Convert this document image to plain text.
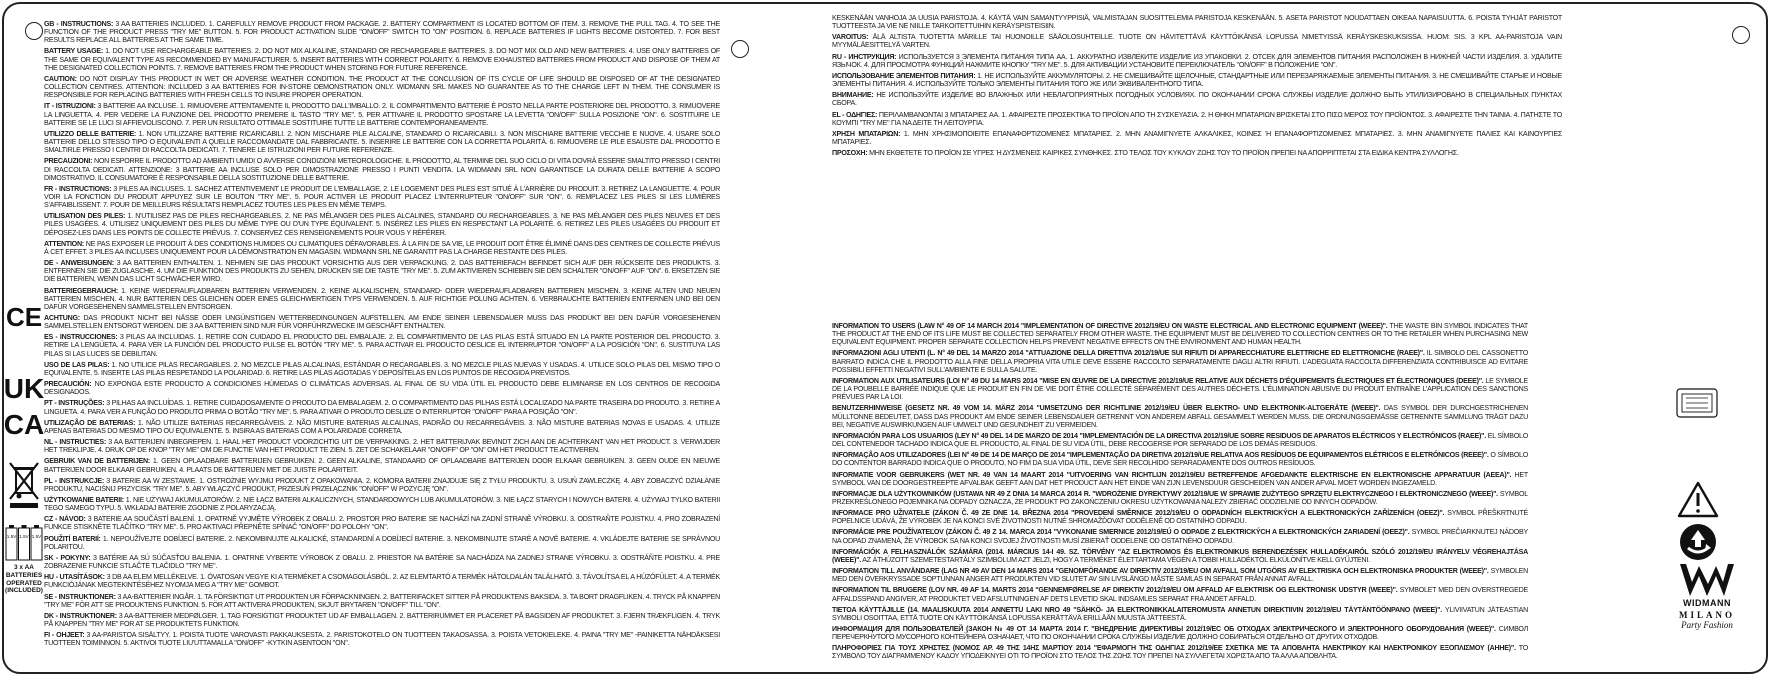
GB - INSTRUCTIONS: 3 AA BATTERIES INCLUDED. 1. CAREFULLY REMOVE PRODUCT FROM PACKAGE. 2. BATTERY COMPARTMENT IS LOCATED BOTTOM OF ITEM. 3. REMOVE THE PULL TAG. 4. TO SEE THE FUNCTION OF THE PRODUCT PRESS "TRY ME" BUTTON. 5. FOR PRODUCT ACTIVATION SLIDE "ON/OFF" SWITCH TO "ON" POSITION. 6. REPLACE BATTERIES IF LIGHTS BECOME DISTORTED. 7. FOR BEST RESULTS REPLACE ALL BATTERIES AT THE SAME TIME.

BATTERY USAGE: 1. DO NOT USE RECHARGEABLE BATTERIES. 2. DO NOT MIX ALKALINE, STANDARD OR RECHARGEABLE BATTERIES. 3. DO NOT MIX OLD AND NEW BATTERIES. 4. USE ONLY BATTERIES OF THE SAME OR EQUIVALENT TYPE AS RECOMMENDED BY MANUFACTURER. 5. INSERT BATTERIES WITH CORRECT POLARITY. 6. REMOVE EXHAUSTED BATTERIES FROM PRODUCT AND DISPOSE OF THEM AT THE DESIGNATED COLLECTION POINTS. 7. REMOVE BATTERIES FROM THE PRODUCT WHEN STORING FOR FUTURE REFERENCE.

CAUTION: DO NOT DISPLAY THIS PRODUCT IN WET OR ADVERSE WEATHER CONDITION. THE PRODUCT AT THE CONCLUSION OF ITS CYCLE OF LIFE SHOULD BE DISPOSED OF AT THE DESIGNATED COLLECTION CENTRES. ATTENTION: INCLUDED 3 AA BATTERIES FOR IN-STORE DEMONSTRATION ONLY. WIDMANN SRL MAKES NO GUARANTEE AS TO THE CHARGE LEFT IN THEM. THE CONSUMER IS RESPONSIBLE FOR REPLACING BATTERIES WITH FRESH CELLS TO INSURE PROPER OPERATION.

IT - ISTRUZIONI: 3 BATTERIE AA INCLUSE. 1. RIMUOVERE ATTENTAMENTE IL PRODOTTO DALL'IMBALLO. 2. IL COMPARTIMENTO BATTERIE È POSTO NELLA PARTE POSTERIORE DEL PRODOTTO. 3. RIMUOVERE LA LINGUETTA. 4. PER VEDERE LA FUNZIONE DEL PRODOTTO PREMERE IL TASTO "TRY ME". 5. PER ATTIVARE IL PRODOTTO SPOSTARE LA LEVETTA "ON/OFF" SULLA POSIZIONE "ON". 6. SOSTITUIRE LE BATTERIE SE LE LUCI SI AFFIEVOLISCONO. 7. PER UN RISULTATO OTTIMALE SOSTITUIRE TUTTE LE BATTERIE CONTEMPORANEAMENTE.

UTILIZZO DELLE BATTERIE: 1. NON UTILIZZARE BATTERIE RICARICABILI. 2. NON MISCHIARE PILE ALCALINE, STANDARD O RICARICABILI. 3. NON MISCHIARE BATTERIE VECCHIE E NUOVE. 4. USARE SOLO BATTERIE DELLO STESSO TIPO O EQUIVALENTI A QUELLE RACCOMANDATE DAL FABBRICANTE. 5. INSERIRE LE BATTERIE CON LA CORRETTA POLARITÀ. 6. RIMUOVERE LE PILE ESAUSTE DAL PRODOTTO E SMALTIRLE PRESSO I CENTRI DI RACCOLTA DEDICATI. 7. TENERE LE ISTRUZIONI PER FUTURE REFERENZE.

PRECAUZIONI: NON ESPORRE IL PRODOTTO AD AMBIENTI UMIDI O AVVERSE CONDIZIONI METEOROLOGICHE. IL PRODOTTO, AL TERMINE DEL SUO CICLO DI VITA DOVRÀ ESSERE SMALTITO PRESSO I CENTRI DI RACCOLTA DEDICATI. ATTENZIONE: 3 BATTERIE AA INCLUSE SOLO PER DIMOSTRAZIONE PRESSO I PUNTI VENDITA. LA WIDMANN SRL NON GARANTISCE LA DURATA DELLE BATTERIE A SCOPO DIMOSTRATIVO. IL CONSUMATORE È RESPONSABILE DELLA SOSTITUZIONE DELLE BATTERIE.

FR - INSTRUCTIONS: 3 PILES AA INCLUSES. 1. SACHEZ ATTENTIVEMENT LE PRODUIT DE L'EMBALLAGE. 2. LE LOGEMENT DES PILES EST SITUÉ À L'ARRIÈRE DU PRODUIT. 3. RETIREZ LA LANGUETTE. 4. POUR VOIR LA FONCTION DU PRODUIT APPUYEZ SUR LE BOUTON "TRY ME". 5. POUR ACTIVER LE PRODUIT PLACEZ L'INTERRUPTEUR "ON/OFF" SUR "ON". 6. REMPLACEZ LES PILES SI LES LUMIÈRES S'AFFAIBLISSENT. 7. POUR DE MEILLEURS RÉSULTATS REMPLACEZ TOUTES LES PILES EN MÊME TEMPS.

UTILISATION DES PILES: 1. N'UTILISEZ PAS DE PILES RECHARGEABLES. 2. NE PAS MÉLANGER DES PILES ALCALINES, STANDARD OU RECHARGEABLES. 3. NE PAS MÉLANGER DES PILES NEUVES ET DES PILES USAGÉES. 4. UTILISEZ UNIQUEMENT DES PILES DU MÊME TYPE OU D'UN TYPE ÉQUIVALENT. 5. INSÉREZ LES PILES EN RESPECTANT LA POLARITÉ. 6. RETIREZ LES PILES USAGÉES DU PRODUIT ET DÉPOSEZ-LES DANS LES POINTS DE COLLECTE PRÉVUS. 7. CONSERVEZ CES RENSEIGNEMENTS POUR VOUS Y RÉFÉRER.

ATTENTION: NE PAS EXPOSER LE PRODUIT À DES CONDITIONS HUMIDES OU CLIMATIQUES DÉFAVORABLES. À LA FIN DE SA VIE, LE PRODUIT DOIT ÊTRE ÉLIMINÉ DANS DES CENTRES DE COLLECTE PRÉVUS À CET EFFET. 3 PILES AA INCLUSES UNIQUEMENT POUR LA DÉMONSTRATION EN MAGASIN. WIDMANN SRL NE GARANTIT PAS LA CHARGE RESTANTE DES PILES.

DE - ANWEISUNGEN: 3 AA BATTERIEN ENTHALTEN. 1. NEHMEN SIE DAS PRODUKT VORSICHTIG AUS DER VERPACKUNG. 2. DAS BATTERIEFACH BEFINDET SICH AUF DER RÜCKSEITE DES PRODUKTS. 3. ENTFERNEN SIE DIE ZUGLASCHE. 4. UM DIE FUNKTION DES PRODUKTS ZU SEHEN, DRÜCKEN SIE DIE TASTE "TRY ME". 5. ZUM AKTIVIEREN SCHIEBEN SIE DEN SCHALTER "ON/OFF" AUF "ON". 6. ERSETZEN SIE DIE BATTERIEN, WENN DAS LICHT SCHWÄCHER WIRD.

BATTERIEGEBRAUCH: 1. KEINE WIEDERAUFLADBAREN BATTERIEN VERWENDEN. 2. KEINE ALKALISCHEN, STANDARD- ODER WIEDERAUFLADBAREN BATTERIEN MISCHEN. 3. KEINE ALTEN UND NEUEN BATTERIEN MISCHEN. 4. NUR BATTERIEN DES GLEICHEN ODER EINES GLEICHWERTIGEN TYPS VERWENDEN. 5. AUF RICHTIGE POLUNG ACHTEN. 6. VERBRAUCHTE BATTERIEN ENTFERNEN UND BEI DEN DAFÜR VORGESEHENEN SAMMELSTELLEN ENTSORGEN.

ACHTUNG: DAS PRODUKT NICHT BEI NÄSSE ODER UNGÜNSTIGEN WETTERBEDINGUNGEN AUFSTELLEN. AM ENDE SEINER LEBENSDAUER MUSS DAS PRODUKT BEI DEN DAFÜR VORGESEHENEN SAMMELSTELLEN ENTSORGT WERDEN. DIE 3 AA BATTERIEN SIND NUR FÜR VORFÜHRZWECKE IM GESCHÄFT ENTHALTEN.

ES - INSTRUCCIONES: 3 PILAS AA INCLUIDAS. 1. RETIRE CON CUIDADO EL PRODUCTO DEL EMBALAJE. 2. EL COMPARTIMENTO DE LAS PILAS ESTÁ SITUADO EN LA PARTE POSTERIOR DEL PRODUCTO. 3. RETIRE LA LENGÜETA. 4. PARA VER LA FUNCIÓN DEL PRODUCTO PULSE EL BOTÓN "TRY ME". 5. PARA ACTIVAR EL PRODUCTO DESLICE EL INTERRUPTOR "ON/OFF" A LA POSICIÓN "ON". 6. SUSTITUYA LAS PILAS SI LAS LUCES SE DEBILITAN.

USO DE LAS PILAS: 1. NO UTILICE PILAS RECARGABLES. 2. NO MEZCLE PILAS ALCALINAS, ESTÁNDAR O RECARGABLES. 3. NO MEZCLE PILAS NUEVAS Y USADAS. 4. UTILICE SOLO PILAS DEL MISMO TIPO O EQUIVALENTE. 5. INSERTE LAS PILAS RESPETANDO LA POLARIDAD. 6. RETIRE LAS PILAS AGOTADAS Y DEPOSÍTELAS EN LOS PUNTOS DE RECOGIDA PREVISTOS.

PRECAUCIÓN: NO EXPONGA ESTE PRODUCTO A CONDICIONES HÚMEDAS O CLIMÁTICAS ADVERSAS. AL FINAL DE SU VIDA ÚTIL EL PRODUCTO DEBE ELIMINARSE EN LOS CENTROS DE RECOGIDA DESIGNADOS.

PT - INSTRUÇÕES: 3 PILHAS AA INCLUÍDAS. 1. RETIRE CUIDADOSAMENTE O PRODUTO DA EMBALAGEM. 2. O COMPARTIMENTO DAS PILHAS ESTÁ LOCALIZADO NA PARTE TRASEIRA DO PRODUTO. 3. RETIRE A LINGUETA. 4. PARA VER A FUNÇÃO DO PRODUTO PRIMA O BOTÃO "TRY ME". 5. PARA ATIVAR O PRODUTO DESLIZE O INTERRUPTOR "ON/OFF" PARA A POSIÇÃO "ON".

UTILIZAÇÃO DE BATERIAS: 1. NÃO UTILIZE BATERIAS RECARREGÁVEIS. 2. NÃO MISTURE BATERIAS ALCALINAS, PADRÃO OU RECARREGÁVEIS. 3. NÃO MISTURE BATERIAS NOVAS E USADAS. 4. UTILIZE APENAS BATERIAS DO MESMO TIPO OU EQUIVALENTE. 5. INSIRA AS BATERIAS COM A POLARIDADE CORRETA.

NL - INSTRUCTIES: 3 AA BATTERIJEN INBEGREPEN. 1. HAAL HET PRODUCT VOORZICHTIG UIT DE VERPAKKING. 2. HET BATTERIJVAK BEVINDT ZICH AAN DE ACHTERKANT VAN HET PRODUCT. 3. VERWIJDER HET TREKLIPJE. 4. DRUK OP DE KNOP "TRY ME" OM DE FUNCTIE VAN HET PRODUCT TE ZIEN. 5. ZET DE SCHAKELAAR "ON/OFF" OP "ON" OM HET PRODUCT TE ACTIVEREN.

GEBRUIK VAN DE BATTERIJEN: 1. GEEN OPLAADBARE BATTERIJEN GEBRUIKEN. 2. GEEN ALKALINE, STANDAARD OF OPLAADBARE BATTERIJEN DOOR ELKAAR GEBRUIKEN. 3. GEEN OUDE EN NIEUWE BATTERIJEN DOOR ELKAAR GEBRUIKEN. 4. PLAATS DE BATTERIJEN MET DE JUISTE POLARITEIT.

PL - INSTRUKCJE: 3 BATERIE AA W ZESTAWIE. 1. OSTROŻNIE WYJMIJ PRODUKT Z OPAKOWANIA. 2. KOMORA BATERII ZNAJDUJE SIĘ Z TYŁU PRODUKTU. 3. USUŃ ZAWLECZKĘ. 4. ABY ZOBACZYĆ DZIAŁANIE PRODUKTU, NACIŚNIJ PRZYCISK "TRY ME". 5. ABY WŁĄCZYĆ PRODUKT, PRZESUŃ PRZEŁĄCZNIK "ON/OFF" W POZYCJĘ "ON".

UŻYTKOWANIE BATERII: 1. NIE UŻYWAJ AKUMULATORÓW. 2. NIE ŁĄCZ BATERII ALKALICZNYCH, STANDARDOWYCH LUB AKUMULATORÓW. 3. NIE ŁĄCZ STARYCH I NOWYCH BATERII. 4. UŻYWAJ TYLKO BATERII TEGO SAMEGO TYPU. 5. WKŁADAJ BATERIE ZGODNIE Z POLARYZACJĄ.

CZ - NÁVOD: 3 BATERIE AA SOUČÁSTÍ BALENÍ. 1. OPATRNĚ VYJMĚTE VÝROBEK Z OBALU. 2. PROSTOR PRO BATERIE SE NACHÁZÍ NA ZADNÍ STRANĚ VÝROBKU. 3. ODSTRAŇTE POJISTKU. 4. PRO ZOBRAZENÍ FUNKCE STISKNĚTE TLAČÍTKO "TRY ME". 5. PRO AKTIVACI PŘEPNĚTE SPÍNAČ "ON/OFF" DO POLOHY "ON".

POUŽITÍ BATERIÍ: 1. NEPOUŽÍVEJTE DOBÍJECÍ BATERIE. 2. NEKOMBINUJTE ALKALICKÉ, STANDARDNÍ A DOBÍJECÍ BATERIE. 3. NEKOMBINUJTE STARÉ A NOVÉ BATERIE. 4. VKLÁDEJTE BATERIE SE SPRÁVNOU POLARITOU.

SK - POKYNY: 3 BATÉRIE AA SÚ SÚČASŤOU BALENIA. 1. OPATRNE VYBERTE VÝROBOK Z OBALU. 2. PRIESTOR NA BATÉRIE SA NACHÁDZA NA ZADNEJ STRANE VÝROBKU. 3. ODSTRÁŇTE POISTKU. 4. PRE ZOBRAZENIE FUNKCIE STLAČTE TLAČIDLO "TRY ME".

HU - UTASÍTÁSOK: 3 DB AA ELEM MELLÉKELVE. 1. ÓVATOSAN VEGYE KI A TERMÉKET A CSOMAGOLÁSBÓL. 2. AZ ELEMTARTÓ A TERMÉK HÁTOLDALÁN TALÁLHATÓ. 3. TÁVOLÍTSA EL A HÚZÓFÜLET. 4. A TERMÉK FUNKCIÓJÁNAK MEGTEKINTÉSÉHEZ NYOMJA MEG A "TRY ME" GOMBOT.

SE - INSTRUKTIONER: 3 AA-BATTERIER INGÅR. 1. TA FÖRSIKTIGT UT PRODUKTEN UR FÖRPACKNINGEN. 2. BATTERIFACKET SITTER PÅ PRODUKTENS BAKSIDA. 3. TA BORT DRAGFLIKEN. 4. TRYCK PÅ KNAPPEN "TRY ME" FÖR ATT SE PRODUKTENS FUNKTION. 5. FÖR ATT AKTIVERA PRODUKTEN, SKJUT BRYTAREN "ON/OFF" TILL "ON".

DK - INSTRUKTIONER: 3 AA-BATTERIER MEDFØLGER. 1. TAG FORSIGTIGT PRODUKTET UD AF EMBALLAGEN. 2. BATTERIRUMMET ER PLACERET PÅ BAGSIDEN AF PRODUKTET. 3. FJERN TRÆKFLIGEN. 4. TRYK PÅ KNAPPEN "TRY ME" FOR AT SE PRODUKTETS FUNKTION.

FI - OHJEET: 3 AA-PARISTOA SISÄLTYY. 1. POISTA TUOTE VAROVASTI PAKKAUKSESTA. 2. PARISTOKOTELO ON TUOTTEEN TAKAOSASSA. 3. POISTA VETOKIELEKE. 4. PAINA "TRY ME" -PAINIKETTA NÄHDÄKSESI TUOTTEEN TOIMINNON. 5. AKTIVOI TUOTE LIU'UTTAMALLA "ON/OFF" -KYTKIN ASENTOON "ON".

KESKENÄÄN VANHOJA JA UUSIA PARISTOJA. 4. KÄYTÄ VAIN SAMANTYYPPISIÄ, VALMISTAJAN SUOSITTELEMIA PARISTOJA KESKENÄÄN. 5. ASETA PARISTOT NOUDATTAEN OIKEAA NAPAISUUTTA. 6. POISTA TYHJÄT PARISTOT TUOTTEESTA JA VIE NE NIILLE TARKOITETTUIHIN KERÄYSPISTEISIIN.

VAROITUS: ÄLÄ ALTISTA TUOTETTA MÄRILLE TAI HUONOILLE SÄÄOLOSUHTEILLE. TUOTE ON HÄVITETTÄVÄ KÄYTTÖIKÄNSÄ LOPUSSA NIMETYISSÄ KERÄYSKESKUKSISSA. HUOM: SIS. 3 KPL AA-PARISTOJA VAIN MYYMÄLÄESITTELYÄ VARTEN.

RU - ИНСТРУКЦИЯ: ИСПОЛЬЗУЕТСЯ 3 ЭЛЕМЕНТА ПИТАНИЯ ТИПА AA. 1. АККУРАТНО ИЗВЛЕКИТЕ ИЗДЕЛИЕ ИЗ УПАКОВКИ. 2. ОТСЕК ДЛЯ ЭЛЕМЕНТОВ ПИТАНИЯ РАСПОЛОЖЕН В НИЖНЕЙ ЧАСТИ ИЗДЕЛИЯ. 3. УДАЛИТЕ ЯЗЫЧОК. 4. ДЛЯ ПРОСМОТРА ФУНКЦИЙ НАЖМИТЕ КНОПКУ "TRY ME". 5. ДЛЯ АКТИВАЦИИ УСТАНОВИТЕ ПЕРЕКЛЮЧАТЕЛЬ "ON/OFF" В ПОЛОЖЕНИЕ "ON".

ИСПОЛЬЗОВАНИЕ ЭЛЕМЕНТОВ ПИТАНИЯ: 1. НЕ ИСПОЛЬЗУЙТЕ АККУМУЛЯТОРЫ. 2. НЕ СМЕШИВАЙТЕ ЩЕЛОЧНЫЕ, СТАНДАРТНЫЕ ИЛИ ПЕРЕЗАРЯЖАЕМЫЕ ЭЛЕМЕНТЫ ПИТАНИЯ. 3. НЕ СМЕШИВАЙТЕ СТАРЫЕ И НОВЫЕ ЭЛЕМЕНТЫ ПИТАНИЯ. 4. ИСПОЛЬЗУЙТЕ ТОЛЬКО ЭЛЕМЕНТЫ ПИТАНИЯ ТОГО ЖЕ ИЛИ ЭКВИВАЛЕНТНОГО ТИПА.

ВНИМАНИЕ: НЕ ИСПОЛЬЗУЙТЕ ИЗДЕЛИЕ ВО ВЛАЖНЫХ ИЛИ НЕБЛАГОПРИЯТНЫХ ПОГОДНЫХ УСЛОВИЯХ. ПО ОКОНЧАНИИ СРОКА СЛУЖБЫ ИЗДЕЛИЕ ДОЛЖНО БЫТЬ УТИЛИЗИРОВАНО В СПЕЦИАЛЬНЫХ ПУНКТАХ СБОРА.

EL - ΟΔΗΓΙΕΣ: ΠΕΡΙΛΑΜΒΑΝΟΝΤΑΙ 3 ΜΠΑΤΑΡΙΕΣ AA. 1. ΑΦΑΙΡΕΣΤΕ ΠΡΟΣΕΚΤΙΚΑ ΤΟ ΠΡΟΪΟΝ ΑΠΟ ΤΗ ΣΥΣΚΕΥΑΣΙΑ. 2. Η ΘΗΚΗ ΜΠΑΤΑΡΙΩΝ ΒΡΙΣΚΕΤΑΙ ΣΤΟ ΠΙΣΩ ΜΕΡΟΣ ΤΟΥ ΠΡΟΪΟΝΤΟΣ. 3. ΑΦΑΙΡΕΣΤΕ ΤΗΝ ΤΑΙΝΙΑ. 4. ΠΑΤΗΣΤΕ ΤΟ ΚΟΥΜΠΙ "TRY ME" ΓΙΑ ΝΑ ΔΕΙΤΕ ΤΗ ΛΕΙΤΟΥΡΓΙΑ.

ΧΡΗΣΗ ΜΠΑΤΑΡΙΩΝ: 1. ΜΗΝ ΧΡΗΣΙΜΟΠΟΙΕΙΤΕ ΕΠΑΝΑΦΟΡΤΙΖΟΜΕΝΕΣ ΜΠΑΤΑΡΙΕΣ. 2. ΜΗΝ ΑΝΑΜΙΓΝΥΕΤΕ ΑΛΚΑΛΙΚΕΣ, ΚΟΙΝΕΣ Ή ΕΠΑΝΑΦΟΡΤΙΖΟΜΕΝΕΣ ΜΠΑΤΑΡΙΕΣ. 3. ΜΗΝ ΑΝΑΜΙΓΝΥΕΤΕ ΠΑΛΙΕΣ ΚΑΙ ΚΑΙΝΟΥΡΓΙΕΣ ΜΠΑΤΑΡΙΕΣ.

ΠΡΟΣΟΧΗ: ΜΗΝ ΕΚΘΕΤΕΤΕ ΤΟ ΠΡΟΪΟΝ ΣΕ ΥΓΡΕΣ Ή ΔΥΣΜΕΝΕΙΣ ΚΑΙΡΙΚΕΣ ΣΥΝΘΗΚΕΣ. ΣΤΟ ΤΕΛΟΣ ΤΟΥ ΚΥΚΛΟΥ ΖΩΗΣ ΤΟΥ ΤΟ ΠΡΟΪΟΝ ΠΡΕΠΕΙ ΝΑ ΑΠΟΡΡΙΠΤΕΤΑΙ ΣΤΑ ΕΙΔΙΚΑ ΚΕΝΤΡΑ ΣΥΛΛΟΓΗΣ.

INFORMATION TO USERS (LAW N° 49 OF 14 MARCH 2014 "IMPLEMENTATION OF DIRECTIVE 2012/19/EU ON WASTE ELECTRICAL AND ELECTRONIC EQUIPMENT (WEEE)". THE WASTE BIN SYMBOL INDICATES THAT THE PRODUCT AT THE END OF ITS LIFE MUST BE COLLECTED SEPARATELY FROM OTHER WASTE. THE EQUIPMENT MUST BE DELIVERED TO COLLECTION CENTRES OR TO THE RETAILER WHEN PURCHASING NEW EQUIVALENT EQUIPMENT. PROPER SEPARATE COLLECTION HELPS PREVENT NEGATIVE EFFECTS ON THE ENVIRONMENT AND HUMAN HEALTH.

INFORMAZIONI AGLI UTENTI (L. N° 49 DEL 14 MARZO 2014 "ATTUAZIONE DELLA DIRETTIVA 2012/19/UE SUI RIFIUTI DI APPARECCHIATURE ELETTRICHE ED ELETTRONICHE (RAEE)". IL SIMBOLO DEL CASSONETTO BARRATO INDICA CHE IL PRODOTTO ALLA FINE DELLA PROPRIA VITA UTILE DEVE ESSERE RACCOLTO SEPARATAMENTE DAGLI ALTRI RIFIUTI. L'ADEGUATA RACCOLTA DIFFERENZIATA CONTRIBUISCE AD EVITARE POSSIBILI EFFETTI NEGATIVI SULL'AMBIENTE E SULLA SALUTE.

INFORMATION AUX UTILISATEURS (LOI N° 49 DU 14 MARS 2014 "MISE EN ŒUVRE DE LA DIRECTIVE 2012/19/UE RELATIVE AUX DÉCHETS D'ÉQUIPEMENTS ÉLECTRIQUES ET ÉLECTRONIQUES (DEEE)". LE SYMBOLE DE LA POUBELLE BARRÉE INDIQUE QUE LE PRODUIT EN FIN DE VIE DOIT ÊTRE COLLECTÉ SÉPARÉMENT DES AUTRES DÉCHETS. L'ÉLIMINATION ABUSIVE DU PRODUIT ENTRAÎNE L'APPLICATION DES SANCTIONS PRÉVUES PAR LA LOI.

BENUTZERHINWEISE (GESETZ NR. 49 VOM 14. MÄRZ 2014 "UMSETZUNG DER RICHTLINIE 2012/19/EU ÜBER ELEKTRO- UND ELEKTRONIK-ALTGERÄTE (WEEE)". DAS SYMBOL DER DURCHGESTRICHENEN MÜLLTONNE BEDEUTET, DASS DAS PRODUKT AM ENDE SEINER LEBENSDAUER GETRENNT VON ANDEREM ABFALL GESAMMELT WERDEN MUSS. DIE ORDNUNGSGEMÄSSE GETRENNTE SAMMLUNG TRÄGT DAZU BEI, NEGATIVE AUSWIRKUNGEN AUF UMWELT UND GESUNDHEIT ZU VERMEIDEN.

INFORMACIÓN PARA LOS USUARIOS (LEY N° 49 DEL 14 DE MARZO DE 2014 "IMPLEMENTACIÓN DE LA DIRECTIVA 2012/19/UE SOBRE RESIDUOS DE APARATOS ELÉCTRICOS Y ELECTRÓNICOS (RAEE)". EL SÍMBOLO DEL CONTENEDOR TACHADO INDICA QUE EL PRODUCTO, AL FINAL DE SU VIDA ÚTIL, DEBE RECOGERSE POR SEPARADO DE LOS DEMÁS RESIDUOS.

INFORMAÇÃO AOS UTILIZADORES (LEI N° 49 DE 14 DE MARÇO DE 2014 "IMPLEMENTAÇÃO DA DIRETIVA 2012/19/UE RELATIVA AOS RESÍDUOS DE EQUIPAMENTOS ELÉTRICOS E ELETRÓNICOS (REEE)". O SÍMBOLO DO CONTENTOR BARRADO INDICA QUE O PRODUTO, NO FIM DA SUA VIDA ÚTIL, DEVE SER RECOLHIDO SEPARADAMENTE DOS OUTROS RESÍDUOS.

INFORMATIE VOOR GEBRUIKERS (WET NR. 49 VAN 14 MAART 2014 "UITVOERING VAN RICHTLIJN 2012/19/EU BETREFFENDE AFGEDANKTE ELEKTRISCHE EN ELEKTRONISCHE APPARATUUR (AEEA)". HET SYMBOOL VAN DE DOORGESTREEPTE AFVALBAK GEEFT AAN DAT HET PRODUCT AAN HET EINDE VAN ZIJN LEVENSDUUR GESCHEIDEN VAN ANDER AFVAL MOET WORDEN INGEZAMELD.

INFORMACJE DLA UŻYTKOWNIKÓW (USTAWA NR 49 Z DNIA 14 MARCA 2014 R. "WDROŻENIE DYREKTYWY 2012/19/UE W SPRAWIE ZUŻYTEGO SPRZĘTU ELEKTRYCZNEGO I ELEKTRONICZNEGO (WEEE)". SYMBOL PRZEKREŚLONEGO POJEMNIKA NA ODPADY OZNACZA, ŻE PRODUKT PO ZAKOŃCZENIU OKRESU UŻYTKOWANIA NALEŻY ZBIERAĆ ODDZIELNIE OD INNYCH ODPADÓW.

INFORMACE PRO UŽIVATELE (ZÁKON Č. 49 ZE DNE 14. BŘEZNA 2014 "PROVEDENÍ SMĚRNICE 2012/19/EU O ODPADNÍCH ELEKTRICKÝCH A ELEKTRONICKÝCH ZAŘÍZENÍCH (OEEZ)". SYMBOL PŘEŠKRTNUTÉ POPELNICE UDÁVÁ, ŽE VÝROBEK JE NA KONCI SVÉ ŽIVOTNOSTI NUTNÉ SHROMAŽĎOVAT ODDĚLENĚ OD OSTATNÍHO ODPADU.

INFORMÁCIE PRE POUŽÍVATEĽOV (ZÁKON Č. 49 Z 14. MARCA 2014 "VYKONANIE SMERNICE 2012/19/EÚ O ODPADE Z ELEKTRICKÝCH A ELEKTRONICKÝCH ZARIADENÍ (OEEZ)". SYMBOL PREČIARKNUTEJ NÁDOBY NA ODPAD ZNAMENÁ, ŽE VÝROBOK SA NA KONCI SVOJEJ ŽIVOTNOSTI MUSÍ ZBIERAŤ ODDELENE OD OSTATNÉHO ODPADU.

INFORMÁCIÓK A FELHASZNÁLÓK SZÁMÁRA (2014. MÁRCIUS 14-I 49. SZ. TÖRVÉNY "AZ ELEKTROMOS ÉS ELEKTRONIKUS BERENDEZÉSEK HULLADÉKAIRÓL SZÓLÓ 2012/19/EU IRÁNYELV VÉGREHAJTÁSA (WEEE)". AZ ÁTHÚZOTT SZEMETESTARTÁLY SZIMBÓLUM AZT JELZI, HOGY A TERMÉKET ÉLETTARTAMA VÉGÉN A TÖBBI HULLADÉKTÓL ELKÜLÖNÍTVE KELL GYŰJTENI.

INFORMATION TILL ANVÄNDARE (LAG NR 49 AV DEN 14 MARS 2014 "GENOMFÖRANDE AV DIREKTIV 2012/19/EU OM AVFALL SOM UTGÖRS AV ELEKTRISKA OCH ELEKTRONISKA PRODUKTER (WEEE)". SYMBOLEN MED DEN ÖVERKRYSSADE SOPTUNNAN ANGER ATT PRODUKTEN VID SLUTET AV SIN LIVSLÄNGD MÅSTE SAMLAS IN SEPARAT FRÅN ANNAT AVFALL.

INFORMATION TIL BRUGERE (LOV NR. 49 AF 14. MARTS 2014 "GENNEMFØRELSE AF DIREKTIV 2012/19/EU OM AFFALD AF ELEKTRISK OG ELEKTRONISK UDSTYR (WEEE)". SYMBOLET MED DEN OVERSTREGEDE AFFALDSSPAND ANGIVER, AT PRODUKTET VED AFSLUTNINGEN AF DETS LEVETID SKAL INDSAMLES SEPARAT FRA ANDET AFFALD.

TIETOA KÄYTTÄJILLE (14. MAALISKUUTA 2014 ANNETTU LAKI NRO 49 "SÄHKÖ- JA ELEKTRONIIKKALAITEROMUSTA ANNETUN DIREKTIIVIN 2012/19/EU TÄYTÄNTÖÖNPANO (WEEE)". YLIVIIVATUN JÄTEASTIAN SYMBOLI OSOITTAA, ETTÄ TUOTE ON KÄYTTÖIKÄNSÄ LOPUSSA KERÄTTÄVÄ ERILLÄÄN MUUSTA JÄTTEESTÄ.

ИНФОРМАЦИЯ ДЛЯ ПОЛЬЗОВАТЕЛЕЙ (ЗАКОН № 49 ОТ 14 МАРТА 2014 Г. "ВНЕДРЕНИЕ ДИРЕКТИВЫ 2012/19/ЕС ОБ ОТХОДАХ ЭЛЕКТРИЧЕСКОГО И ЭЛЕКТРОННОГО ОБОРУДОВАНИЯ (WEEE)". СИМВОЛ ПЕРЕЧЕРКНУТОГО МУСОРНОГО КОНТЕЙНЕРА ОЗНАЧАЕТ, ЧТО ПО ОКОНЧАНИИ СРОКА СЛУЖБЫ ИЗДЕЛИЕ ДОЛЖНО СОБИРАТЬСЯ ОТДЕЛЬНО ОТ ДРУГИХ ОТХОДОВ.

ΠΛΗΡΟΦΟΡΙΕΣ ΓΙΑ ΤΟΥΣ ΧΡΗΣΤΕΣ (ΝΟΜΟΣ ΑΡ. 49 ΤΗΣ 14ΗΣ ΜΑΡΤΙΟΥ 2014 "ΕΦΑΡΜΟΓΗ ΤΗΣ ΟΔΗΓΙΑΣ 2012/19/ΕΕ ΣΧΕΤΙΚΑ ΜΕ ΤΑ ΑΠΟΒΛΗΤΑ ΗΛΕΚΤΡΙΚΟΥ ΚΑΙ ΗΛΕΚΤΡΟΝΙΚΟΥ ΕΞΟΠΛΙΣΜΟΥ (ΑΗΗΕ)". ΤΟ ΣΥΜΒΟΛΟ ΤΟΥ ΔΙΑΓΡΑΜΜΕΝΟΥ ΚΑΔΟΥ ΥΠΟΔΕΙΚΝΥΕΙ ΟΤΙ ΤΟ ΠΡΟΪΟΝ ΣΤΟ ΤΕΛΟΣ ΤΗΣ ΖΩΗΣ ΤΟΥ ΠΡΕΠΕΙ ΝΑ ΣΥΛΛΕΓΕΤΑΙ ΧΩΡΙΣΤΑ ΑΠΟ ΤΑ ΑΛΛΑ ΑΠΟΒΛΗΤΑ.

CE
UK
CA
1.5V 1.5V 1.5V
3 x AA
BATTERIES
OPERATED
(INCLUDED)
WIDMANN
MILANO
Party Fashion
